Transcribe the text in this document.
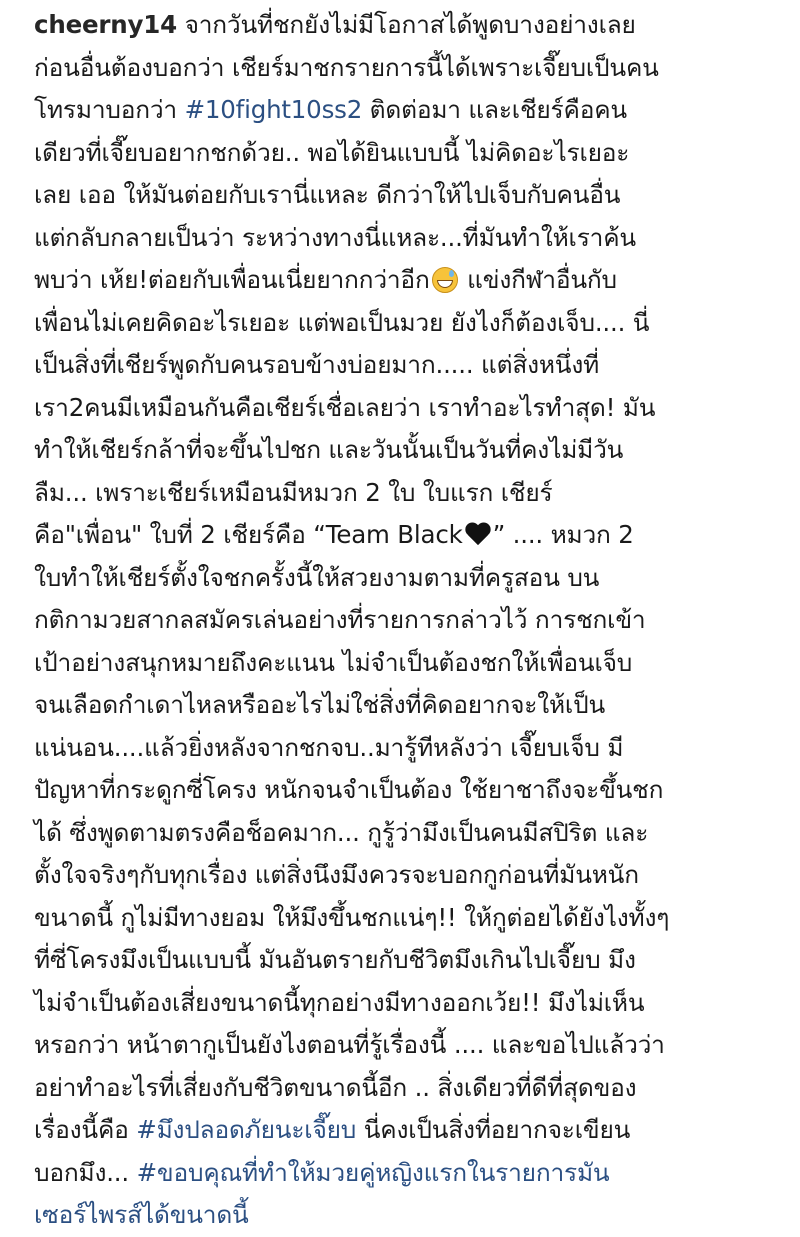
cheerny14 จากวันที่ชกยังไม่มีโอกาสได้พูดบางอย่างเลย
ก่อนอื่นต้องบอกว่า เชียร์มาชกรายการนี้ได้เพราะเจี๊ยบเป็นคน
โทรมาบอกว่า #10fight10ss2 ติดต่อมา และเชียร์คือคน
เดียวที่เจี๊ยบอยากชกด้วย.. พอได้ยินแบบนี้ ไม่คิดอะไรเยอะ
เลย เออ ให้มันต่อยกับเรานี่แหละ ดีกว่าให้ไปเจ็บกับคนอื่น
แต่กลับกลายเป็นว่า ระหว่างทางนี่แหละ...ที่มันทำให้เราค้น
พบว่า เห้ย!ต่อยกับเพื่อนเนี่ยยากกว่าอีก แข่งกีฬาอื่นกับ
เพื่อนไม่เคยคิดอะไรเยอะ แต่พอเป็นมวย ยังไงก็ต้องเจ็บ.... นี่
เป็นสิ่งที่เชียร์พูดกับคนรอบข้างบ่อยมาก..... แต่สิ่งหนึ่งที่
เรา2คนมีเหมือนกันคือเชียร์เชื่อเลยว่า เราทำอะไรทำสุด! มัน
ทำให้เชียร์กล้าที่จะขึ้นไปชก และวันนั้นเป็นวันที่คงไม่มีวัน
ลืม... เพราะเชียร์เหมือนมีหมวก 2 ใบ ใบแรก เชียร์
คือ"เพื่อน" ใบที่ 2 เชียร์คือ “Team Black ” .... หมวก 2
ใบทำให้เชียร์ตั้งใจชกครั้งนี้ให้สวยงามตามที่ครูสอน บน
กติกามวยสากลสมัครเล่นอย่างที่รายการกล่าวไว้ การชกเข้า
เป้าอย่างสนุกหมายถึงคะแนน ไม่จำเป็นต้องชกให้เพื่อนเจ็บ
จนเลือดกำเดาไหลหรืออะไรไม่ใช่สิ่งที่คิดอยากจะให้เป็น
แน่นอน....แล้วยิ่งหลังจากชกจบ..มารู้ทีหลังว่า เจี๊ยบเจ็บ มี
ปัญหาที่กระดูกซี่โครง หนักจนจำเป็นต้อง ใช้ยาชาถึงจะขึ้นชก
ได้ ซึ่งพูดตามตรงคือช็อคมาก... กูรู้ว่ามึงเป็นคนมีสปิริต และ
ตั้งใจจริงๆกับทุกเรื่อง แต่สิ่งนึงมึงควรจะบอกกูก่อนที่มันหนัก
ขนาดนี้ กูไม่มีทางยอม ให้มึงขึ้นชกแน่ๆ!! ให้กูต่อยได้ยังไงทั้งๆ
ที่ซี่โครงมึงเป็นแบบนี้ มันอันตรายกับชีวิตมึงเกินไปเจี๊ยบ มึง
ไม่จำเป็นต้องเสี่ยงขนาดนี้ทุกอย่างมีทางออกเว้ย!! มึงไม่เห็น
หรอกว่า หน้าตากูเป็นยังไงตอนที่รู้เรื่องนี้ .... และขอไปแล้วว่า
อย่าทำอะไรที่เสี่ยงกับชีวิตขนาดนี้อีก .. สิ่งเดียวที่ดีที่สุดของ
เรื่องนี้คือ #มึงปลอดภัยนะเจี๊ยบ นี่คงเป็นสิ่งที่อยากจะเขียน
บอกมึง... #ขอบคุณที่ทำให้มวยคู่หญิงแรกในรายการมัน
เซอร์ไพรส์ได้ขนาดนี้
